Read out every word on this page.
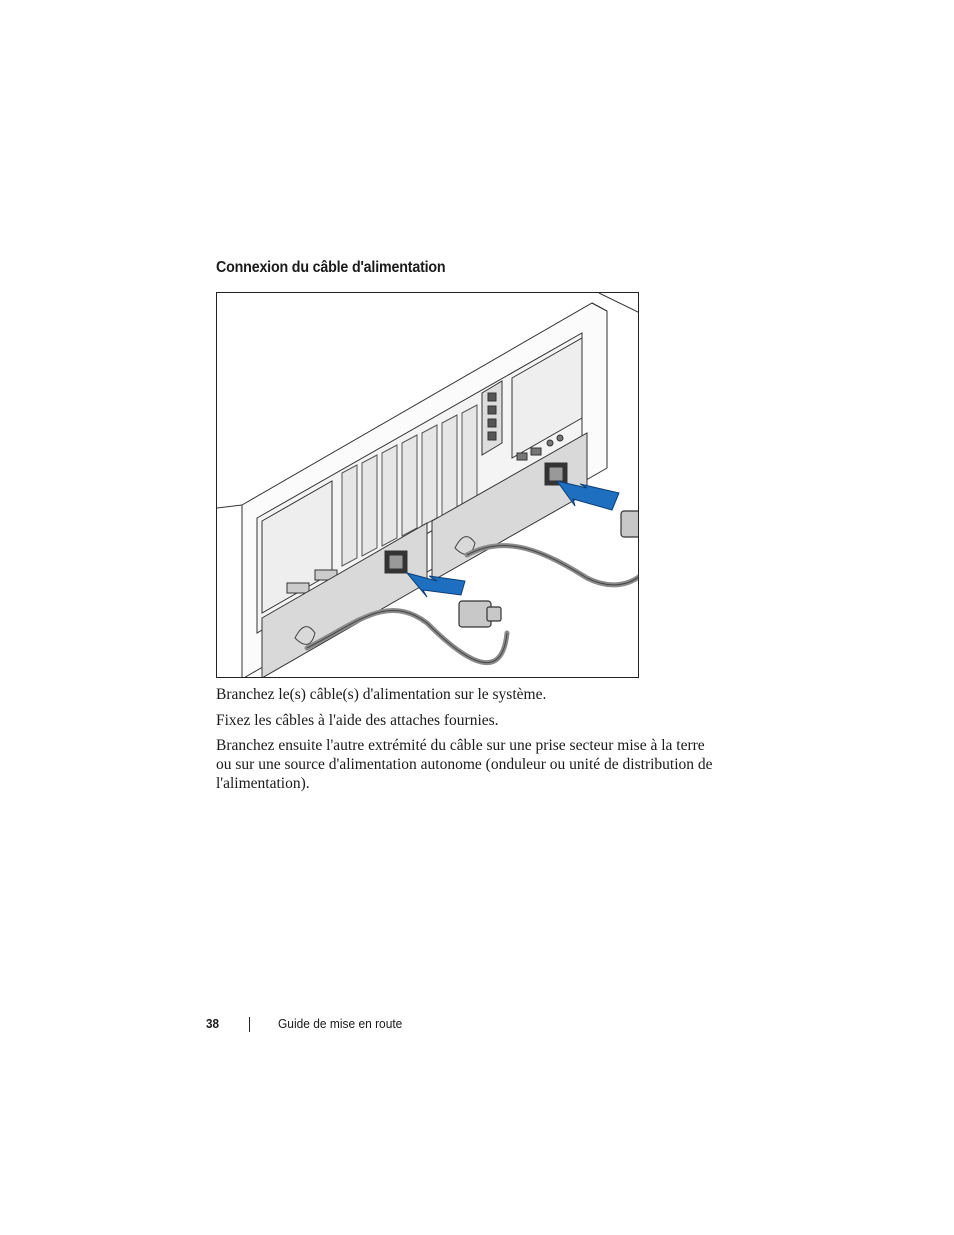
Connexion du câble d'alimentation

Branchez le(s) câble(s) d'alimentation sur le système.

Fixez les câbles à l'aide des attaches fournies.

Branchez ensuite l'autre extrémité du câble sur une prise secteur mise à la terre ou sur une source d'alimentation autonome (onduleur ou unité de distribution de l'alimentation).

38	Guide de mise en route
